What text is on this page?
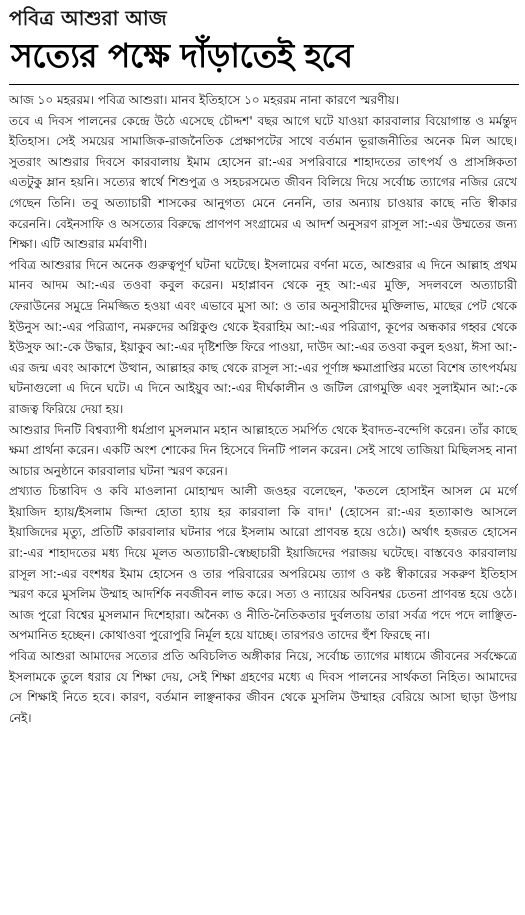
পবিত্র আশুরা আজ
সত্যের পক্ষে দাঁড়াতেই হবে

আজ ১০ মহররম। পবিত্র আশুরা। মানব ইতিহাসে ১০ মহররম নানা কারণে স্মরণীয়।

তবে এ দিবস পালনের কেন্দ্রে উঠে এসেছে চৌদ্দশ' বছর আগে ঘটে যাওয়া কারবালার বিয়োগান্ত ও মর্মন্তুদ ইতিহাস। সেই সময়ের সামাজিক-রাজনৈতিক প্রেক্ষাপটের সাথে বর্তমান ভূরাজনীতির অনেক মিল আছে। সুতরাং আশুরার দিবসে কারবালায় ইমাম হোসেন রা:-এর সপরিবারে শাহাদতের তাৎপর্য ও প্রাসঙ্গিকতা এতটুকু ম্লান হয়নি। সত্যের স্বার্থে শিশুপুত্র ও সহচরসমেত জীবন বিলিয়ে দিয়ে সর্বোচ্চ ত্যাগের নজির রেখে গেছেন তিনি। তবু অত্যাচারী শাসকের আনুগত্য মেনে নেননি, তার অন্যায় চাওয়ার কাছে নতি স্বীকার করেননি। বেইনসাফি ও অসত্যের বিরুদ্ধে প্রাণপণ সংগ্রামের এ আদর্শ অনুসরণ রাসূল সা:-এর উম্মতের জন্য শিক্ষা। এটি আশুরার মর্মবাণী।

পবিত্র আশুরার দিনে অনেক গুরুত্বপূর্ণ ঘটনা ঘটেছে। ইসলামের বর্ণনা মতে, আশুরার এ দিনে আল্লাহ প্রথম মানব আদম আ:-এর তওবা কবুল করেন। মহাপ্লাবন থেকে নূহ আ:-এর মুক্তি, সদলবলে অত্যাচারী ফেরাউনের সমুদ্রে নিমজ্জিত হওয়া এবং এভাবে মুসা আ: ও তার অনুসারীদের মুক্তিলাভ, মাছের পেট থেকে ইউনুস আ:-এর পরিত্রাণ, নমরুদের অগ্নিকুণ্ড থেকে ইবরাহিম আ:-এর পরিত্রাণ, কূপের অন্ধকার গহ্বর থেকে ইউসুফ আ:-কে উদ্ধার, ইয়াকুব আ:-এর দৃষ্টিশক্তি ফিরে পাওয়া, দাউদ আ:-এর তওবা কবুল হওয়া, ঈসা আ:-এর জন্ম এবং আকাশে উত্থান, আল্লাহর কাছ থেকে রাসূল সা:-এর পূর্ণাঙ্গ ক্ষমাপ্রাপ্তির মতো বিশেষ তাৎপর্যময় ঘটনাগুলো এ দিনে ঘটে। এ দিনে আইয়ুব আ:-এর দীর্ঘকালীন ও জটিল রোগমুক্তি এবং সুলাইমান আ:-কে রাজত্ব ফিরিয়ে দেয়া হয়।

আশুরার দিনটি বিশ্বব্যাপী ধর্মপ্রাণ মুসলমান মহান আল্লাহতে সমর্পিত থেকে ইবাদত-বন্দেগি করেন। তাঁর কাছে ক্ষমা প্রার্থনা করেন। একটি অংশ শোকের দিন হিসেবে দিনটি পালন করেন। সেই সাথে তাজিয়া মিছিলসহ নানা আচার অনুষ্ঠানে কারবালার ঘটনা স্মরণ করেন।

প্রখ্যাত চিন্তাবিদ ও কবি মাওলানা মোহাম্মদ আলী জওহর বলেছেন, 'কতলে হোসাইন আসল মে মর্গে ইয়াজিদ হ্যায়/ইসলাম জিন্দা হোতা হ্যায় হর কারবালা কি বাদ।' (হোসেন রা:-এর হত্যাকাণ্ড আসলে ইয়াজিদের মৃত্যু, প্রতিটি কারবালার ঘটনার পরে ইসলাম আরো প্রাণবন্ত হয়ে ওঠে।) অর্থাৎ হজরত হোসেন রা:-এর শাহাদতের মধ্য দিয়ে মূলত অত্যাচারী-স্বেচ্ছাচারী ইয়াজিদের পরাজয় ঘটেছে। বাস্তবেও কারবালায় রাসূল সা:-এর বংশধর ইমাম হোসেন ও তার পরিবারের অপরিমেয় ত্যাগ ও কষ্ট স্বীকারের সকরুণ ইতিহাস স্মরণ করে মুসলিম উম্মাহ আদর্শিক নবজীবন লাভ করে। সত্য ও ন্যায়ের অবিনশ্বর চেতনা প্রাণবন্ত হয়ে ওঠে। আজ পুরো বিশ্বের মুসলমান দিশেহারা। অনৈক্য ও নীতি-নৈতিকতার দুর্বলতায় তারা সর্বত্র পদে পদে লাঞ্ছিত-অপমানিত হচ্ছেন। কোথাওবা পুরোপুরি নির্মূল হয়ে যাচ্ছে। তারপরও তাদের হুঁশ ফিরছে না।

পবিত্র আশুরা আমাদের সত্যের প্রতি অবিচলিত অঙ্গীকার নিয়ে, সর্বোচ্চ ত্যাগের মাধ্যমে জীবনের সর্বক্ষেত্রে ইসলামকে তুলে ধরার যে শিক্ষা দেয়, সেই শিক্ষা গ্রহণের মধ্যে এ দিবস পালনের সার্থকতা নিহিত। আমাদের সে শিক্ষাই নিতে হবে। কারণ, বর্তমান লাঞ্ছনাকর জীবন থেকে মুসলিম উম্মাহর বেরিয়ে আসা ছাড়া উপায় নেই।
